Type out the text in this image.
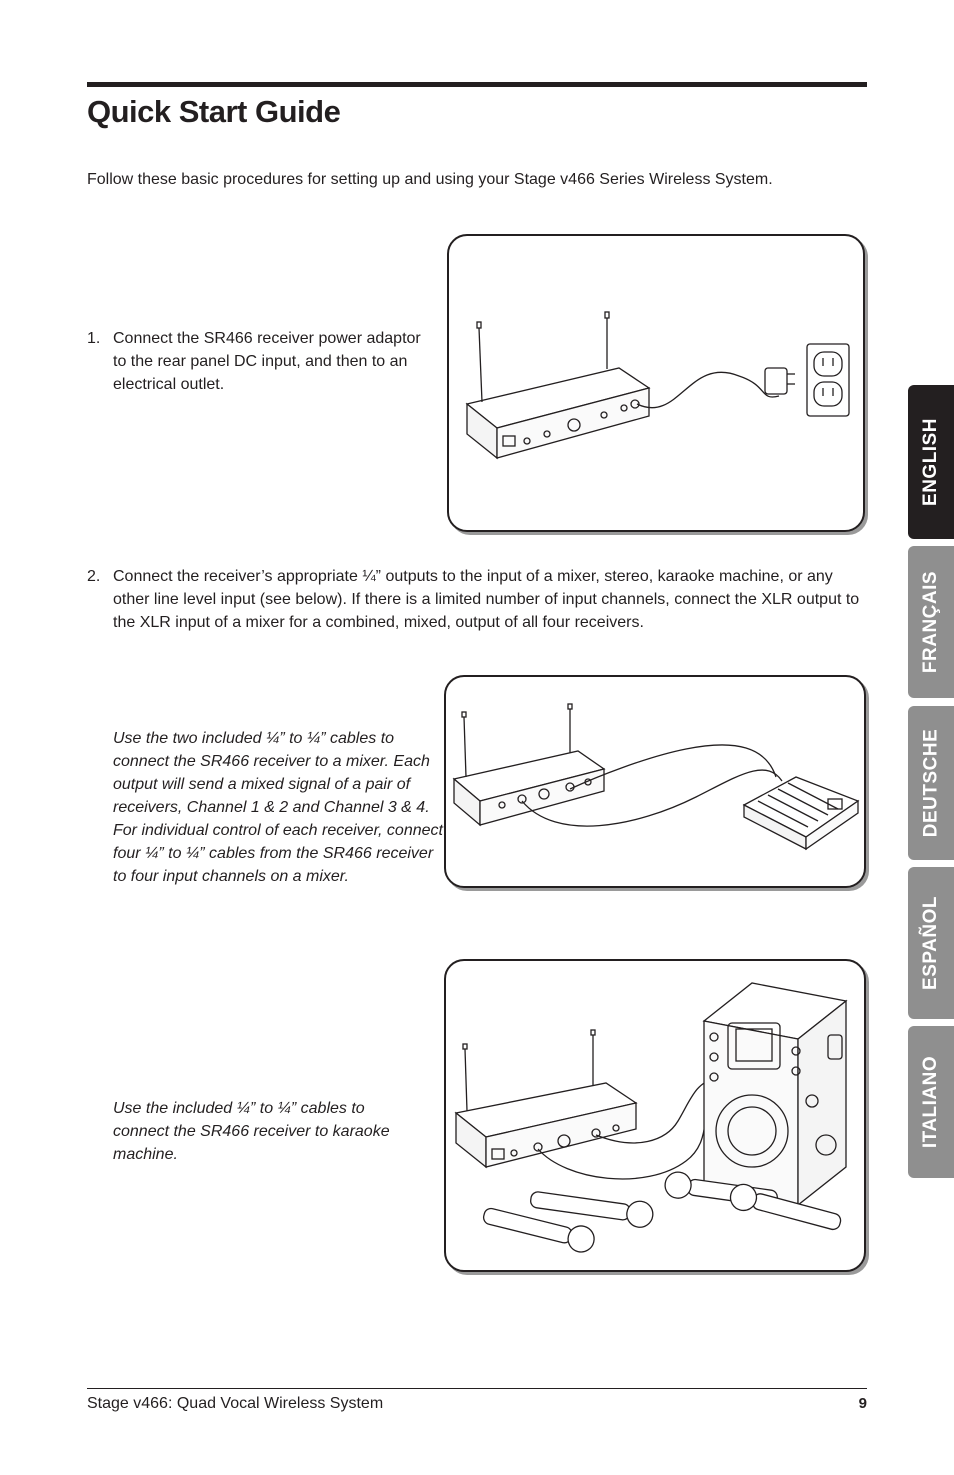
Quick Start Guide

Follow these basic procedures for setting up and using your Stage v466 Series Wireless System.

1. Connect the SR466 receiver power adaptor to the rear panel DC input, and then to an electrical outlet.
2. Connect the receiver’s appropriate ¼” outputs to the input of a mixer, stereo, karaoke machine, or any other line level input (see below). If there is a limited number of input channels, connect the XLR output to the XLR input of a mixer for a combined, mixed, output of all four receivers.

Use the two included ¼” to ¼” cables to connect the SR466 receiver to a mixer. Each output will send a mixed signal of a pair of receivers, Channel 1 & 2 and Channel 3 & 4. For individual control of each receiver, connect four ¼” to ¼” cables from the SR466 receiver to four input channels on a mixer.

Use the included ¼” to ¼” cables to connect the SR466 receiver to karaoke machine.

ENGLISH
FRANÇAIS
DEUTSCHE
ESPAÑOL
ITALIANO

Stage v466: Quad Vocal Wireless System	9
